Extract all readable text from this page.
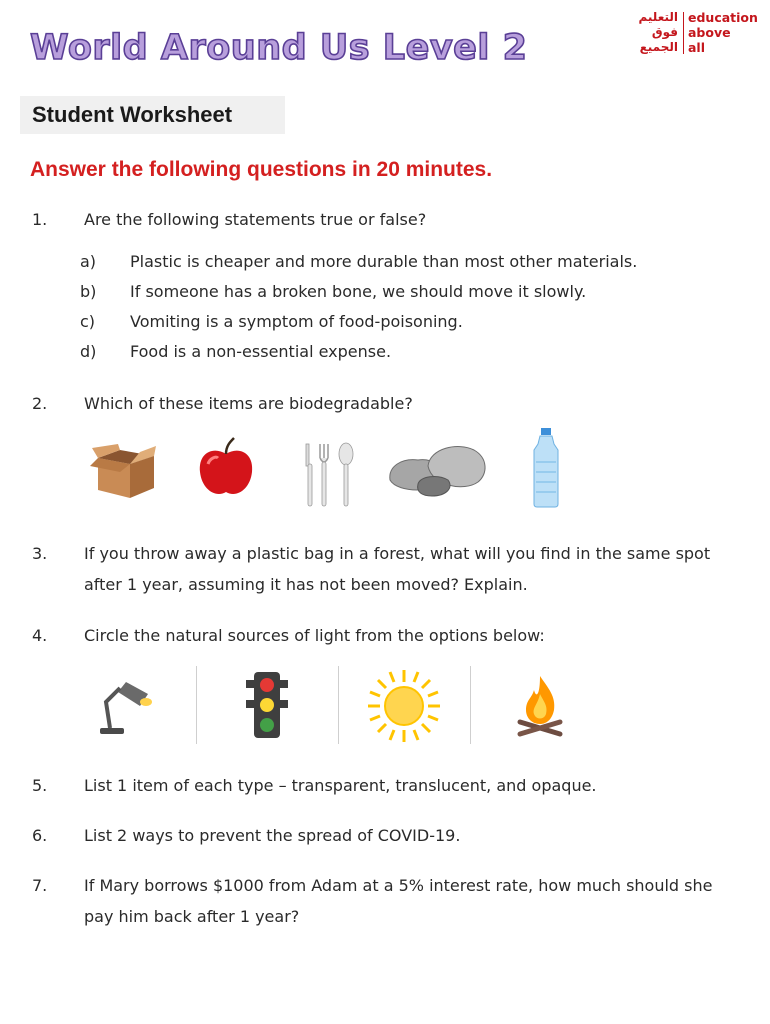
World Around Us Level 2
التعليم
فوق
الجميع
education
above
all
Student Worksheet
Answer the following questions in 20 minutes.
1. Are the following statements true or false?
a) Plastic is cheaper and more durable than most other materials.
b) If someone has a broken bone, we should move it slowly.
c) Vomiting is a symptom of food-poisoning.
d) Food is a non-essential expense.
2. Which of these items are biodegradable?
3. If you throw away a plastic bag in a forest, what will you find in the same spot after 1 year, assuming it has not been moved? Explain.
4. Circle the natural sources of light from the options below:
5. List 1 item of each type – transparent, translucent, and opaque.
6. List 2 ways to prevent the spread of COVID-19.
7. If Mary borrows $1000 from Adam at a 5% interest rate, how much should she pay him back after 1 year?
